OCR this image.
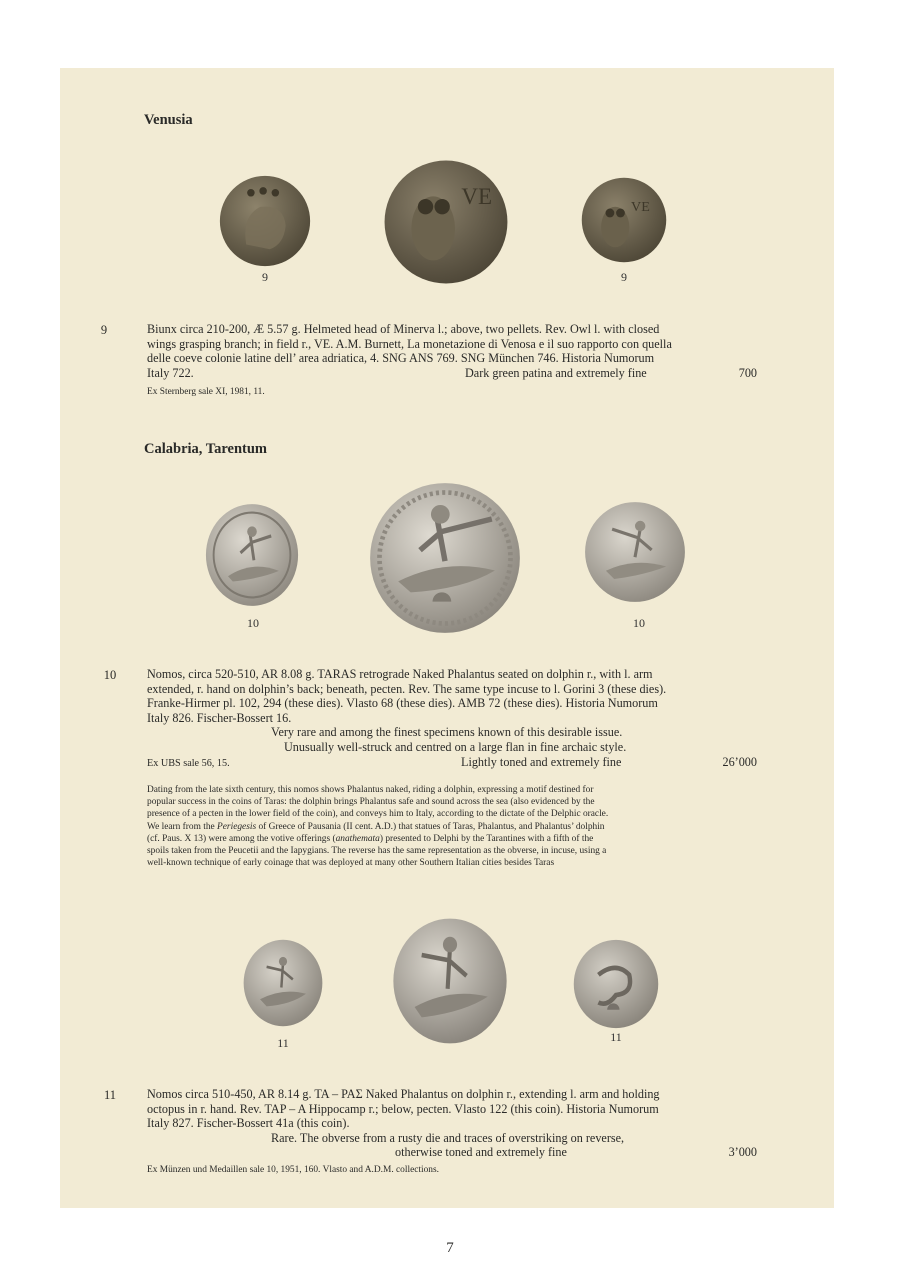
Venusia
VE	VE
9	9
9	Biunx circa 210-200, Æ 5.57 g. Helmeted head of Minerva l.; above, two pellets. Rev. Owl l. with closed
wings grasping branch; in field r., VE. A.M. Burnett, La monetazione di Venosa e il suo rapporto con quella
delle coeve colonie latine dell’ area adriatica, 4. SNG ANS 769. SNG München 746. Historia Numorum
Italy 722.	Dark green patina and extremely fine	700
Ex Sternberg sale XI, 1981, 11.
Calabria, Tarentum
10	10
10	Nomos, circa 520-510, AR 8.08 g. TARAS retrograde Naked Phalantus seated on dolphin r., with l. arm
extended, r. hand on dolphin’s back; beneath, pecten. Rev. The same type incuse to l. Gorini 3 (these dies).
Franke-Hirmer pl. 102, 294 (these dies). Vlasto 68 (these dies). AMB 72 (these dies). Historia Numorum
Italy 826. Fischer-Bossert 16.
Very rare and among the finest specimens known of this desirable issue.
Unusually well-struck and centred on a large flan in fine archaic style.
Ex UBS sale 56, 15.	Lightly toned and extremely fine	26’000
Dating from the late sixth century, this nomos shows Phalantus naked, riding a dolphin, expressing a motif destined for
popular success in the coins of Taras: the dolphin brings Phalantus safe and sound across the sea (also evidenced by the
presence of a pecten in the lower field of the coin), and conveys him to Italy, according to the dictate of the Delphic oracle.
We learn from the Periegesis of Greece of Pausania (II cent. A.D.) that statues of Taras, Phalantus, and Phalantus’ dolphin
(cf. Paus. X 13) were among the votive offerings (anathemata) presented to Delphi by the Tarantines with a fifth of the
spoils taken from the Peucetii and the Iapygians. The reverse has the same representation as the obverse, in incuse, using a
well-known technique of early coinage that was deployed at many other Southern Italian cities besides Taras
11	11
11	Nomos circa 510-450, AR 8.14 g. TA – PAΣ Naked Phalantus on dolphin r., extending l. arm and holding
octopus in r. hand. Rev. TAP – A Hippocamp r.; below, pecten. Vlasto 122 (this coin). Historia Numorum
Italy 827. Fischer-Bossert 41a (this coin).
Rare. The obverse from a rusty die and traces of overstriking on reverse,
otherwise toned and extremely fine	3’000
Ex Münzen und Medaillen sale 10, 1951, 160. Vlasto and A.D.M. collections.
7
